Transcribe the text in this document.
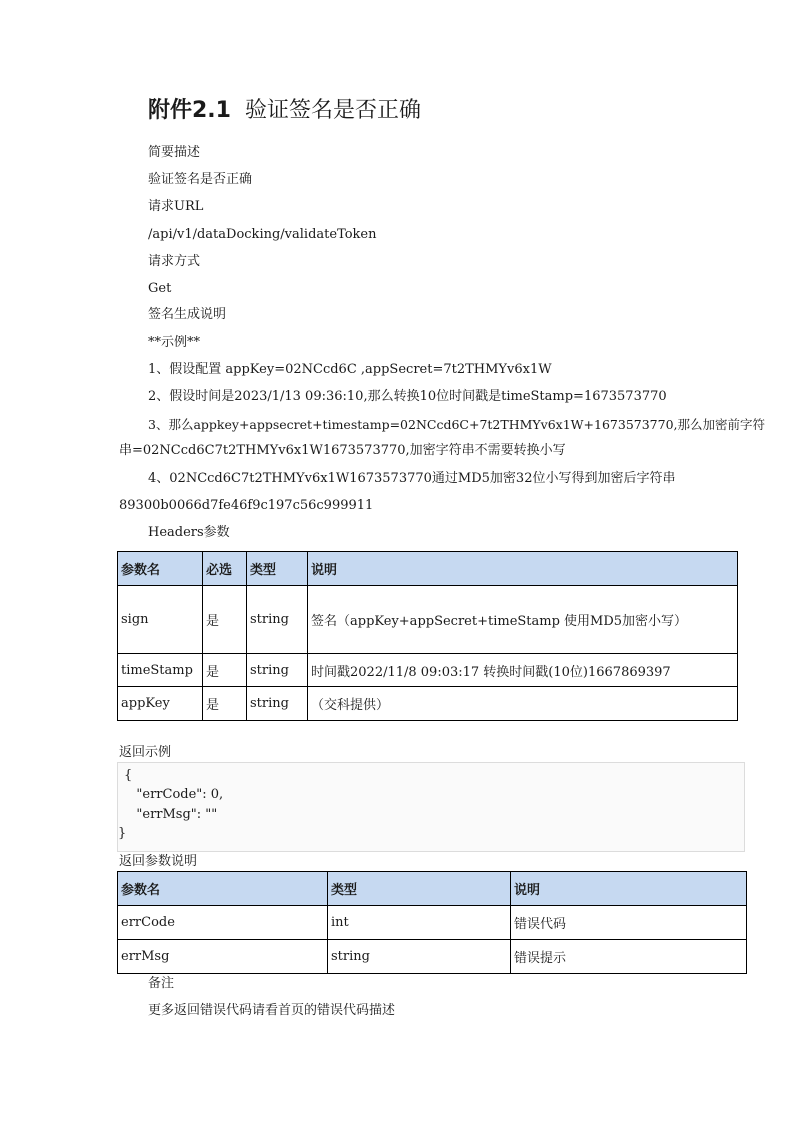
附件2.1 验证签名是否正确
简要描述
验证签名是否正确
请求URL
/api/v1/dataDocking/validateToken
请求方式
Get
签名生成说明
**示例**
1、假设配置 appKey=02NCcd6C ,appSecret=7t2THMYv6x1W
2、假设时间是2023/1/13 09:36:10,那么转换10位时间戳是timeStamp=1673573770
3、那么appkey+appsecret+timestamp=02NCcd6C+7t2THMYv6x1W+1673573770,那么加密前字符
串=02NCcd6C7t2THMYv6x1W1673573770,加密字符串不需要转换小写
4、02NCcd6C7t2THMYv6x1W1673573770通过MD5加密32位小写得到加密后字符串
89300b0066d7fe46f9c197c56c999911
Headers参数
参数名	必选	类型	说明
sign	是	string	签名（appKey+appSecret+timeStamp 使用MD5加密小写）
timeStamp	是	string	时间戳2022/11/8 09:03:17 转换时间戳(10位)1667869397
appKey	是	string	（交科提供）
返回示例
{
"errCode": 0,
"errMsg": ""
}
返回参数说明
参数名	类型	说明
errCode	int	错误代码
errMsg	string	错误提示
备注
更多返回错误代码请看首页的错误代码描述
